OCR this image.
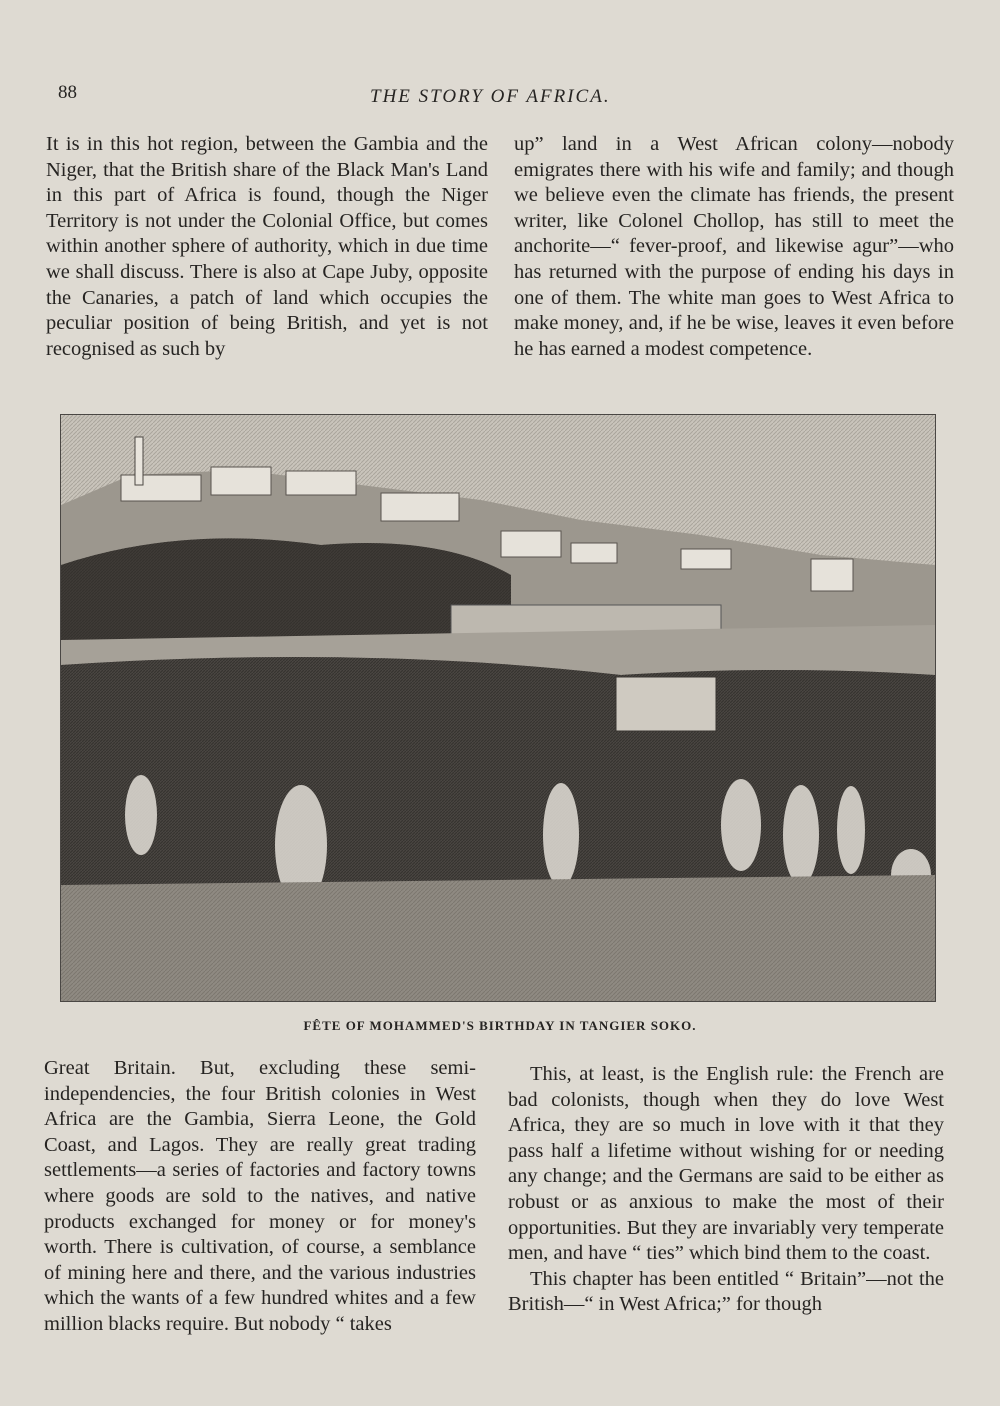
88	THE STORY OF AFRICA.

It is in this hot region, between the Gambia and the Niger, that the British share of the Black Man's Land in this part of Africa is found, though the Niger Territory is not under the Colonial Office, but comes within another sphere of authority, which in due time we shall discuss. There is also at Cape Juby, opposite the Canaries, a patch of land which occupies the peculiar position of being British, and yet is not recognised as such by

up” land in a West African colony—nobody emigrates there with his wife and family; and though we believe even the climate has friends, the present writer, like Colonel Chollop, has still to meet the anchorite—“ fever-proof, and likewise agur”—who has returned with the purpose of ending his days in one of them. The white man goes to West Africa to make money, and, if he be wise, leaves it even before he has earned a modest competence.

FÊTE OF MOHAMMED'S BIRTHDAY IN TANGIER SOKO.

Great Britain. But, excluding these semi-independencies, the four British colonies in West Africa are the Gambia, Sierra Leone, the Gold Coast, and Lagos. They are really great trading settlements—a series of factories and factory towns where goods are sold to the natives, and native products exchanged for money or for money's worth. There is cultivation, of course, a semblance of mining here and there, and the various industries which the wants of a few hundred whites and a few million blacks require. But nobody “ takes

This, at least, is the English rule: the French are bad colonists, though when they do love West Africa, they are so much in love with it that they pass half a lifetime without wishing for or needing any change; and the Germans are said to be either as robust or as anxious to make the most of their opportunities. But they are invariably very temperate men, and have “ ties” which bind them to the coast.

This chapter has been entitled “ Britain”—not the British—“ in West Africa;” for though
